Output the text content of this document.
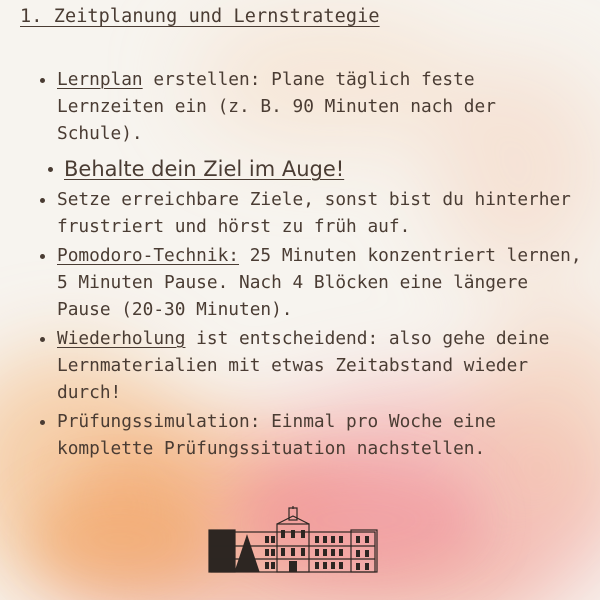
1. Zeitplanung und Lernstrategie
Lernplan erstellen: Plane täglich feste Lernzeiten ein (z. B. 90 Minuten nach der Schule).
Behalte dein Ziel im Auge!
Setze erreichbare Ziele, sonst bist du hinterher frustriert und hörst zu früh auf.
Pomodoro-Technik: 25 Minuten konzentriert lernen, 5 Minuten Pause. Nach 4 Blöcken eine längere Pause (20-30 Minuten).
Wiederholung ist entscheidend: also gehe deine Lernmaterialien mit etwas Zeitabstand wieder durch!
Prüfungssimulation: Einmal pro Woche eine komplette Prüfungssituation nachstellen.
